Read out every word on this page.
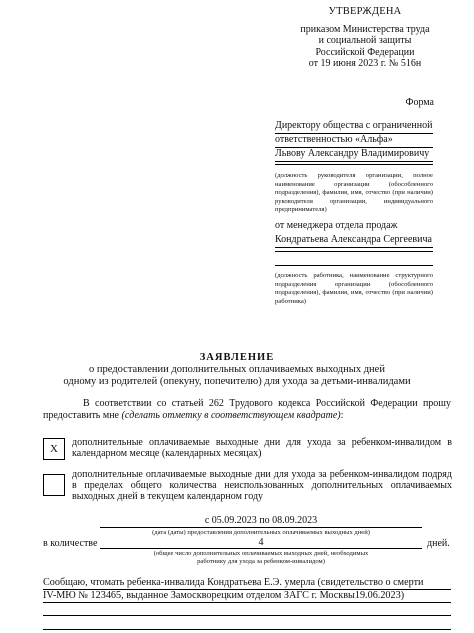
УТВЕРЖДЕНА
приказом Министерства труда
и социальной защиты
Российской Федерации
от 19 июня 2023 г. № 516н
Форма
Директору общества с ограниченной
ответственностью «Альфа»
Львову Александру Владимировичу
(должность руководителя организации, полное наименование организации (обособленного подразделения), фамилия, имя, отчество (при наличии) руководителя организации, индивидуального предпринимателя)
от менеджера отдела продаж
Кондратьева Александра Сергеевича
(должность работника, наименование структурного подразделения организации (обособленного подразделения), фамилия, имя, отчество (при наличии) работника)
ЗАЯВЛЕНИЕ
о предоставлении дополнительных оплачиваемых выходных дней
одному из родителей (опекуну, попечителю) для ухода за детьми-инвалидами
В соответствии со статьей 262 Трудового кодекса Российской Федерации прошу предоставить мне (сделать отметку в соответствующем квадрате):
Х
дополнительные оплачиваемые выходные дни для ухода за ребенком-инвалидом в календарном месяце (календарных месяцах)
дополнительные оплачиваемые выходные дни для ухода за ребенком-инвалидом подряд в пределах общего количества неиспользованных дополнительных оплачиваемых выходных дней в текущем календарном году
с 05.09.2023 по 08.09.2023
(дата (даты) предоставления дополнительных оплачиваемых выходных дней)
в количестве	4	дней.
(общее число дополнительных оплачиваемых выходных дней, необходимых
работнику для ухода за ребенком-инвалидом)
Сообщаю, чтомать ребенка-инвалида Кондратьева Е.Э. умерла (свидетельство о смерти
IV-МЮ № 123465, выданное Замоскворецким отделом ЗАГС г. Москвы19.06.2023)
